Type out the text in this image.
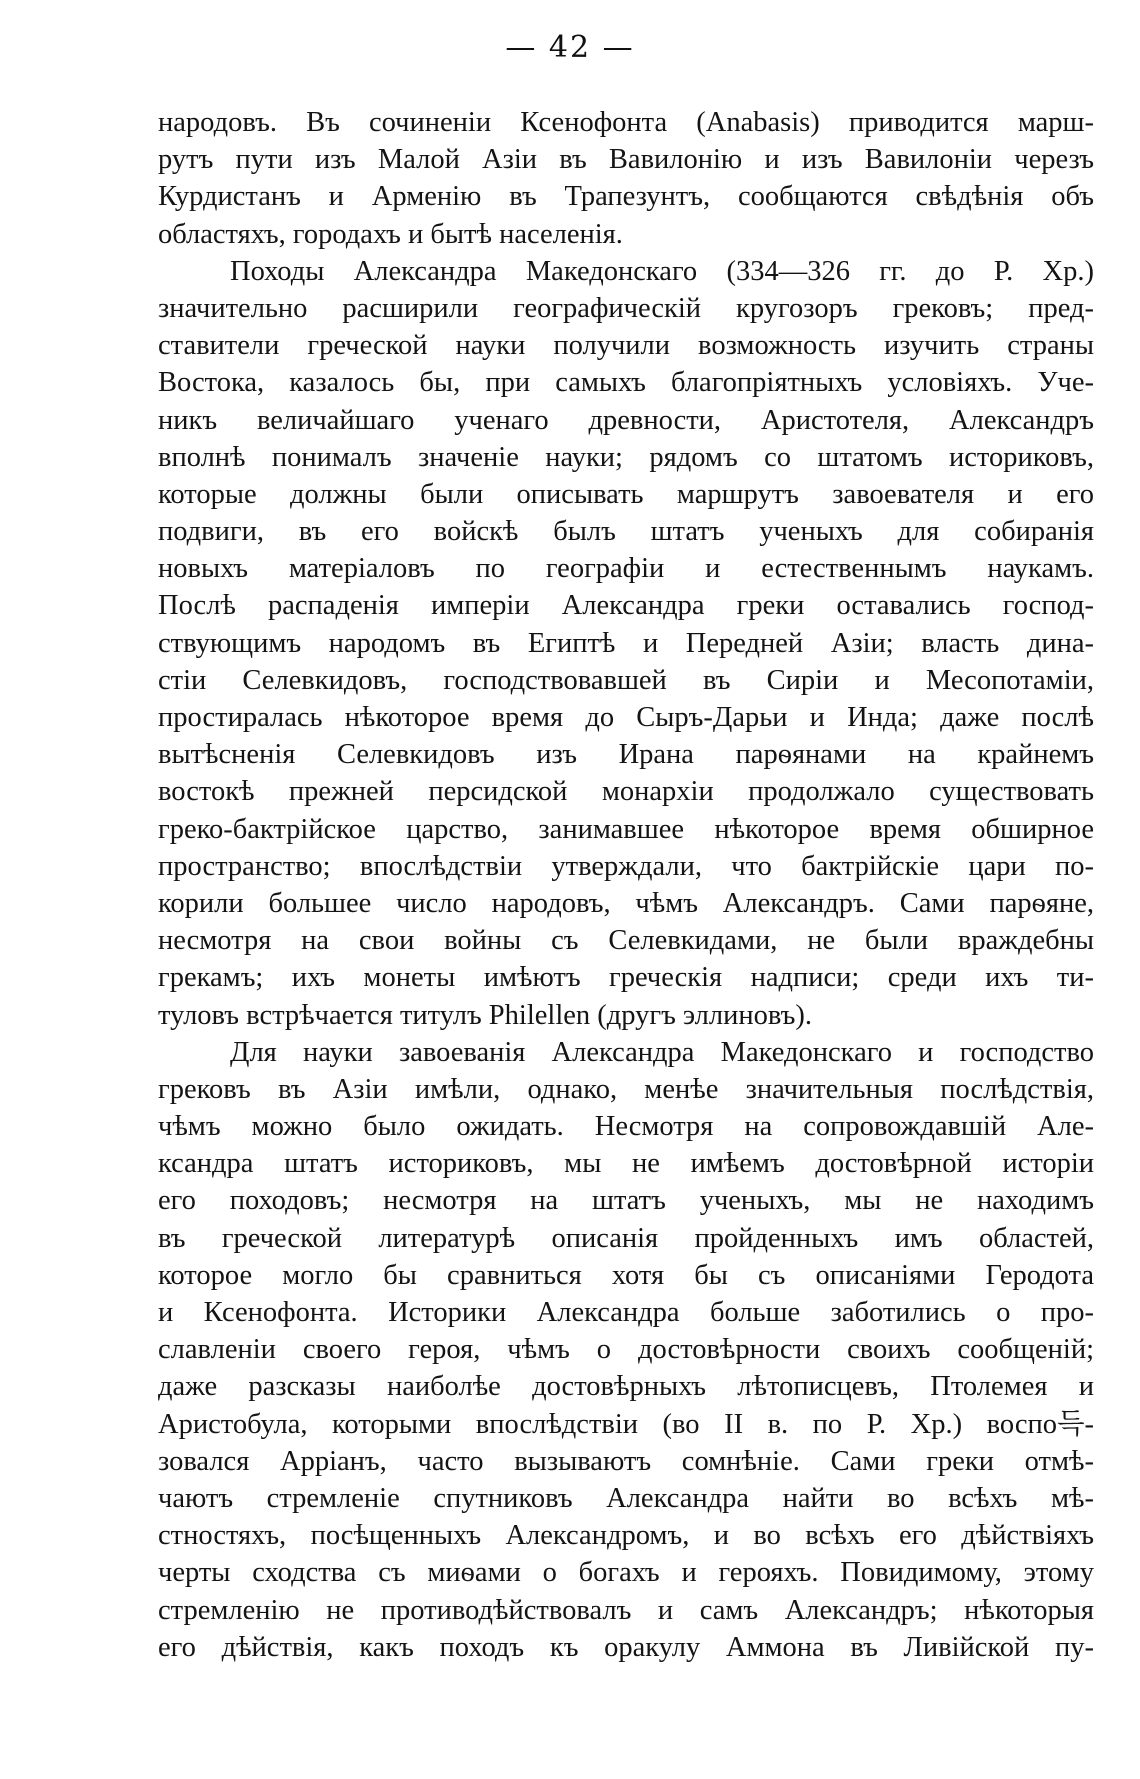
— 42 —
народовъ. Въ сочиненіи Ксенофонта (Anabasis) приводится марш-
рутъ пути изъ Малой Азіи въ Вавилонію и изъ Вавилоніи черезъ
Курдистанъ и Арменію въ Трапезунтъ, сообщаются свѣдѣнія объ
областяхъ, городахъ и бытѣ населенія.
Походы Александра Македонскаго (334—326 гг. до Р. Хр.)
значительно расширили географическій кругозоръ грековъ; пред-
ставители греческой науки получили возможность изучить страны
Востока, казалось бы, при самыхъ благопріятныхъ условіяхъ. Уче-
никъ величайшаго ученаго древности, Аристотеля, Александръ
вполнѣ понималъ значеніе науки; рядомъ со штатомъ историковъ,
которые должны были описывать маршрутъ завоевателя и его
подвиги, въ его войскѣ былъ штатъ ученыхъ для собиранія
новыхъ матеріаловъ по географіи и естественнымъ наукамъ.
Послѣ распаденія имперіи Александра греки оставались господ-
ствующимъ народомъ въ Египтѣ и Передней Азіи; власть дина-
стіи Селевкидовъ, господствовавшей въ Сиріи и Месопотаміи,
простиралась нѣкоторое время до Сыръ-Дарьи и Инда; даже послѣ
вытѣсненія Селевкидовъ изъ Ирана парѳянами на крайнемъ
востокѣ прежней персидской монархіи продолжало существовать
греко-бактрійское царство, занимавшее нѣкоторое время обширное
пространство; впослѣдствіи утверждали, что бактрійскіе цари по-
корили большее число народовъ, чѣмъ Александръ. Сами парѳяне,
несмотря на свои войны съ Селевкидами, не были враждебны
грекамъ; ихъ монеты имѣютъ греческія надписи; среди ихъ ти-
туловъ встрѣчается титулъ Philellen (другъ эллиновъ).
Для науки завоеванія Александра Македонскаго и господство
грековъ въ Азіи имѣли, однако, менѣе значительныя послѣдствія,
чѣмъ можно было ожидать. Несмотря на сопровождавшій Але-
ксандра штатъ историковъ, мы не имѣемъ достовѣрной исторіи
его походовъ; несмотря на штатъ ученыхъ, мы не находимъ
въ греческой литературѣ описанія пройденныхъ имъ областей,
которое могло бы сравниться хотя бы съ описаніями Геродота
и Ксенофонта. Историки Александра больше заботились о про-
славленіи своего героя, чѣмъ о достовѣрности своихъ сообщеній;
даже разсказы наиболѣе достовѣрныхъ лѣтописцевъ, Птолемея и
Аристобула, которыми впослѣдствіи (во II в. по Р. Хр.) воспо득-
зовался Арріанъ, часто вызываютъ сомнѣніе. Сами греки отмѣ-
чаютъ стремленіе спутниковъ Александра найти во всѣхъ мѣ-
стностяхъ, посѣщенныхъ Александромъ, и во всѣхъ его дѣйствіяхъ
черты сходства съ миѳами о богахъ и герояхъ. Повидимому, этому
стремленію не противодѣйствовалъ и самъ Александръ; нѣкоторыя
его дѣйствія, какъ походъ къ оракулу Аммона въ Ливійской пу-
